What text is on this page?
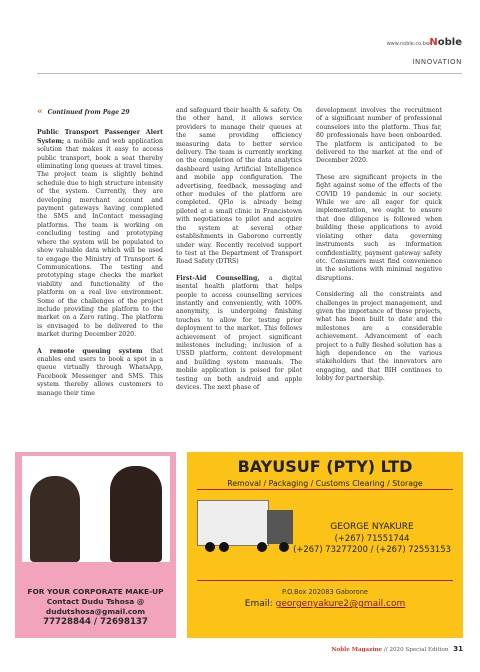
www.noble.co.bw Noble
INNOVATION

« Continued from Page 29

Public Transport Passenger Alert System; a mobile and web application solution that makes it easy to access public transport, book a seat thereby eliminating long queues at travel times. The project team is slightly behind schedule due to high structure intensity of the system. Currently, they are developing merchant account and payment gateways having completed the SMS and InContact messaging platforms. The team is working on concluding testing and prototyping where the system will be populated to show valuable data which will be used to engage the Ministry of Transport & Communications. The testing and prototyping stage checks the market viability and functionality of the platform on a real live environment. Some of the challenges of the project include providing the platform to the market on a Zero rating. The platform is envisaged to be delivered to the market during December 2020.

A remote queuing system that enables end users to book a spot in a queue virtually through WhatsApp, Facebook Messenger and SMS. This system thereby allows customers to manage their time

and safeguard their health & safety. On the other hand, it allows service providers to manage their queues at the same providing efficiency measuring data to better service delivery. The team is currently working on the completion of the data analytics dashboard using Artificial Intelligence and mobile app configuration. The advertising, feedback, messaging and other modules of the platform are completed. QFlo is already being piloted at a small clinic in Francistown with negotiations to pilot and acquire the system at several other establishments in Gaborone currently under way. Recently received support to test at the Department of Transport Road Safety (DTRS)

First-Aid Counselling, a digital mental health platform that helps people to access counselling services instantly and conveniently, with 100% anonymity, is undergoing finishing touches to allow for testing prior deployment to the market. This follows achievement of project significant milestones including; inclusion of a USSD platform, content development and building system manuals. The mobile application is poised for pilot testing on both android and apple devices. The next phase of

development involves the recruitment of a significant number of professional counselors into the platform. Thus far, 80 professionals have been onboarded. The platform is anticipated to be delivered to the market at the end of December 2020.

These are significant projects in the fight against some of the effects of the COVID 19 pandemic in our society. While we are all eager for quick implementation, we ought to ensure that due diligence is followed when building these applications to avoid violating other data governing instruments such as information confidentiality, payment gateway safety etc. Consumers must find convenience in the solutions with minimal negative disruptions.

Considering all the constraints and challenges in project management, and given the importance of these projects, what has been built to date and the milestones are a considerable achievement. Advancement of each project to a fully fleshed solution has a high dependence on the various stakeholders that the innovators are engaging, and that BIH continues to lobby for partnership.

FOR YOUR CORPORATE MAKE-UP
Contact Dudu Tshosa @
dudutshosa@gmail.com
77728844 / 72698137
BAYUSUF (PTY) LTD
Removal / Packaging / Customs Clearing / Storage
GEORGE NYAKURE
(+267) 71551744
(+267) 73277200 / (+267) 72553153
P.O.Box 202083 Gaborone
Email: georgenyakure2@gmail.com
Noble Magazine // 2020 Special Edition 31
